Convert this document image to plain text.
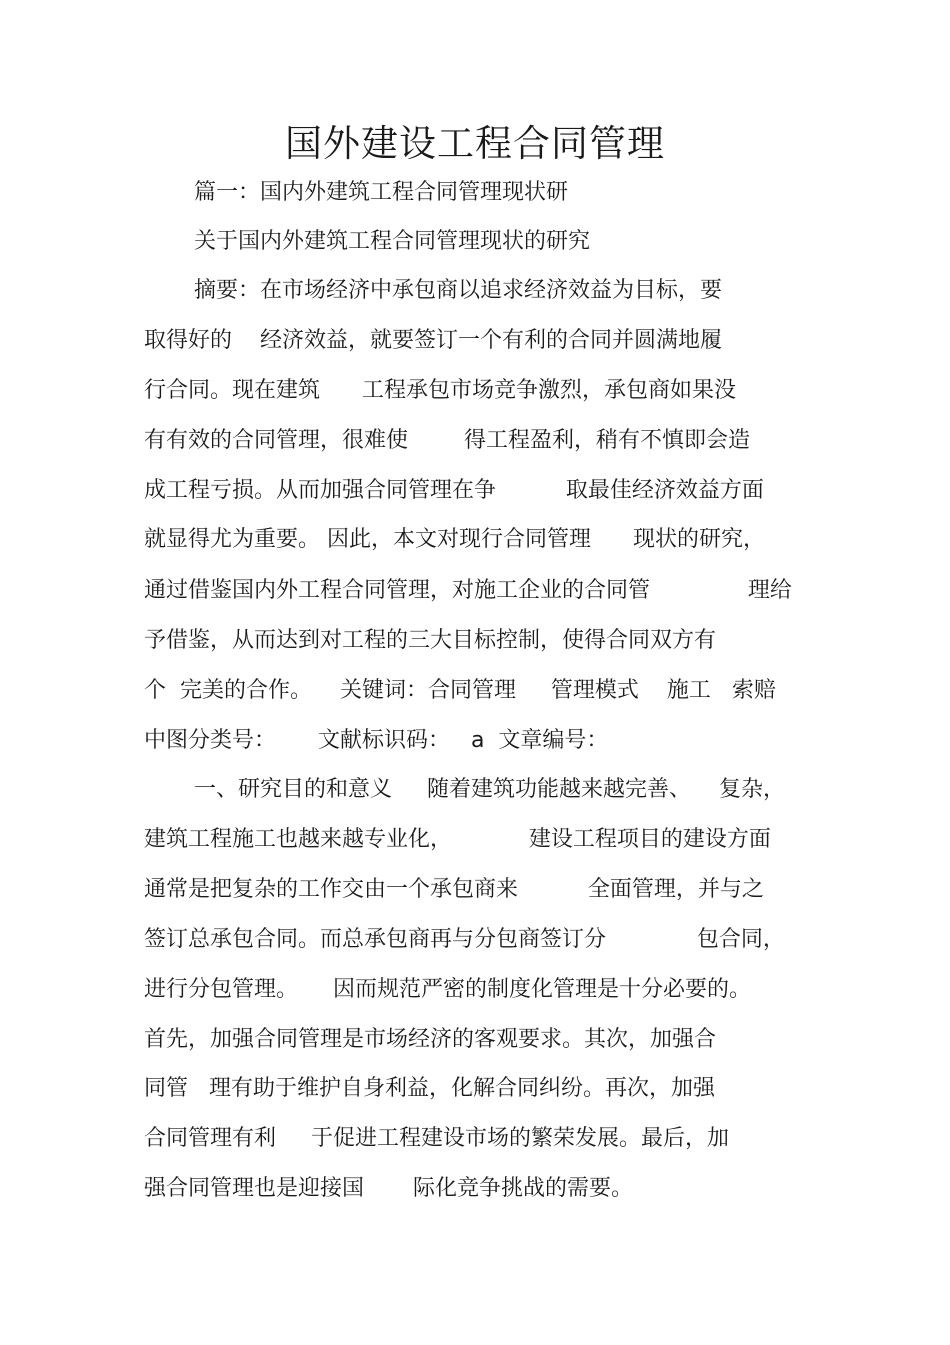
国外建设工程合同管理

篇一：国内外建筑工程合同管理现状研

关于国内外建筑工程合同管理现状的研究

摘要：在市场经济中承包商以追求经济效益为目标，要

取得好的    经济效益，就要签订一个有利的合同并圆满地履

行合同。现在建筑      工程承包市场竞争激烈，承包商如果没

有有效的合同管理，很难使        得工程盈利，稍有不慎即会造

成工程亏损。从而加强合同管理在争          取最佳经济效益方面

就显得尤为重要。 因此，本文对现行合同管理      现状的研究，

通过借鉴国内外工程合同管理，对施工企业的合同管              理给

予借鉴，从而达到对工程的三大目标控制，使得合同双方有

个  完美的合作。    关键词：合同管理     管理模式    施工   索赔

中图分类号：      文献标识码：   a  文章编号：

一、研究目的和意义     随着建筑功能越来越完善、    复杂，

建筑工程施工也越来越专业化，           建设工程项目的建设方面

通常是把复杂的工作交由一个承包商来          全面管理，并与之

签订总承包合同。而总承包商再与分包商签订分             包合同，

进行分包管理。     因而规范严密的制度化管理是十分必要的。

首先，加强合同管理是市场经济的客观要求。其次，加强合

同管   理有助于维护自身利益，化解合同纠纷。再次，加强

合同管理有利     于促进工程建设市场的繁荣发展。最后，加

强合同管理也是迎接国       际化竞争挑战的需要。
